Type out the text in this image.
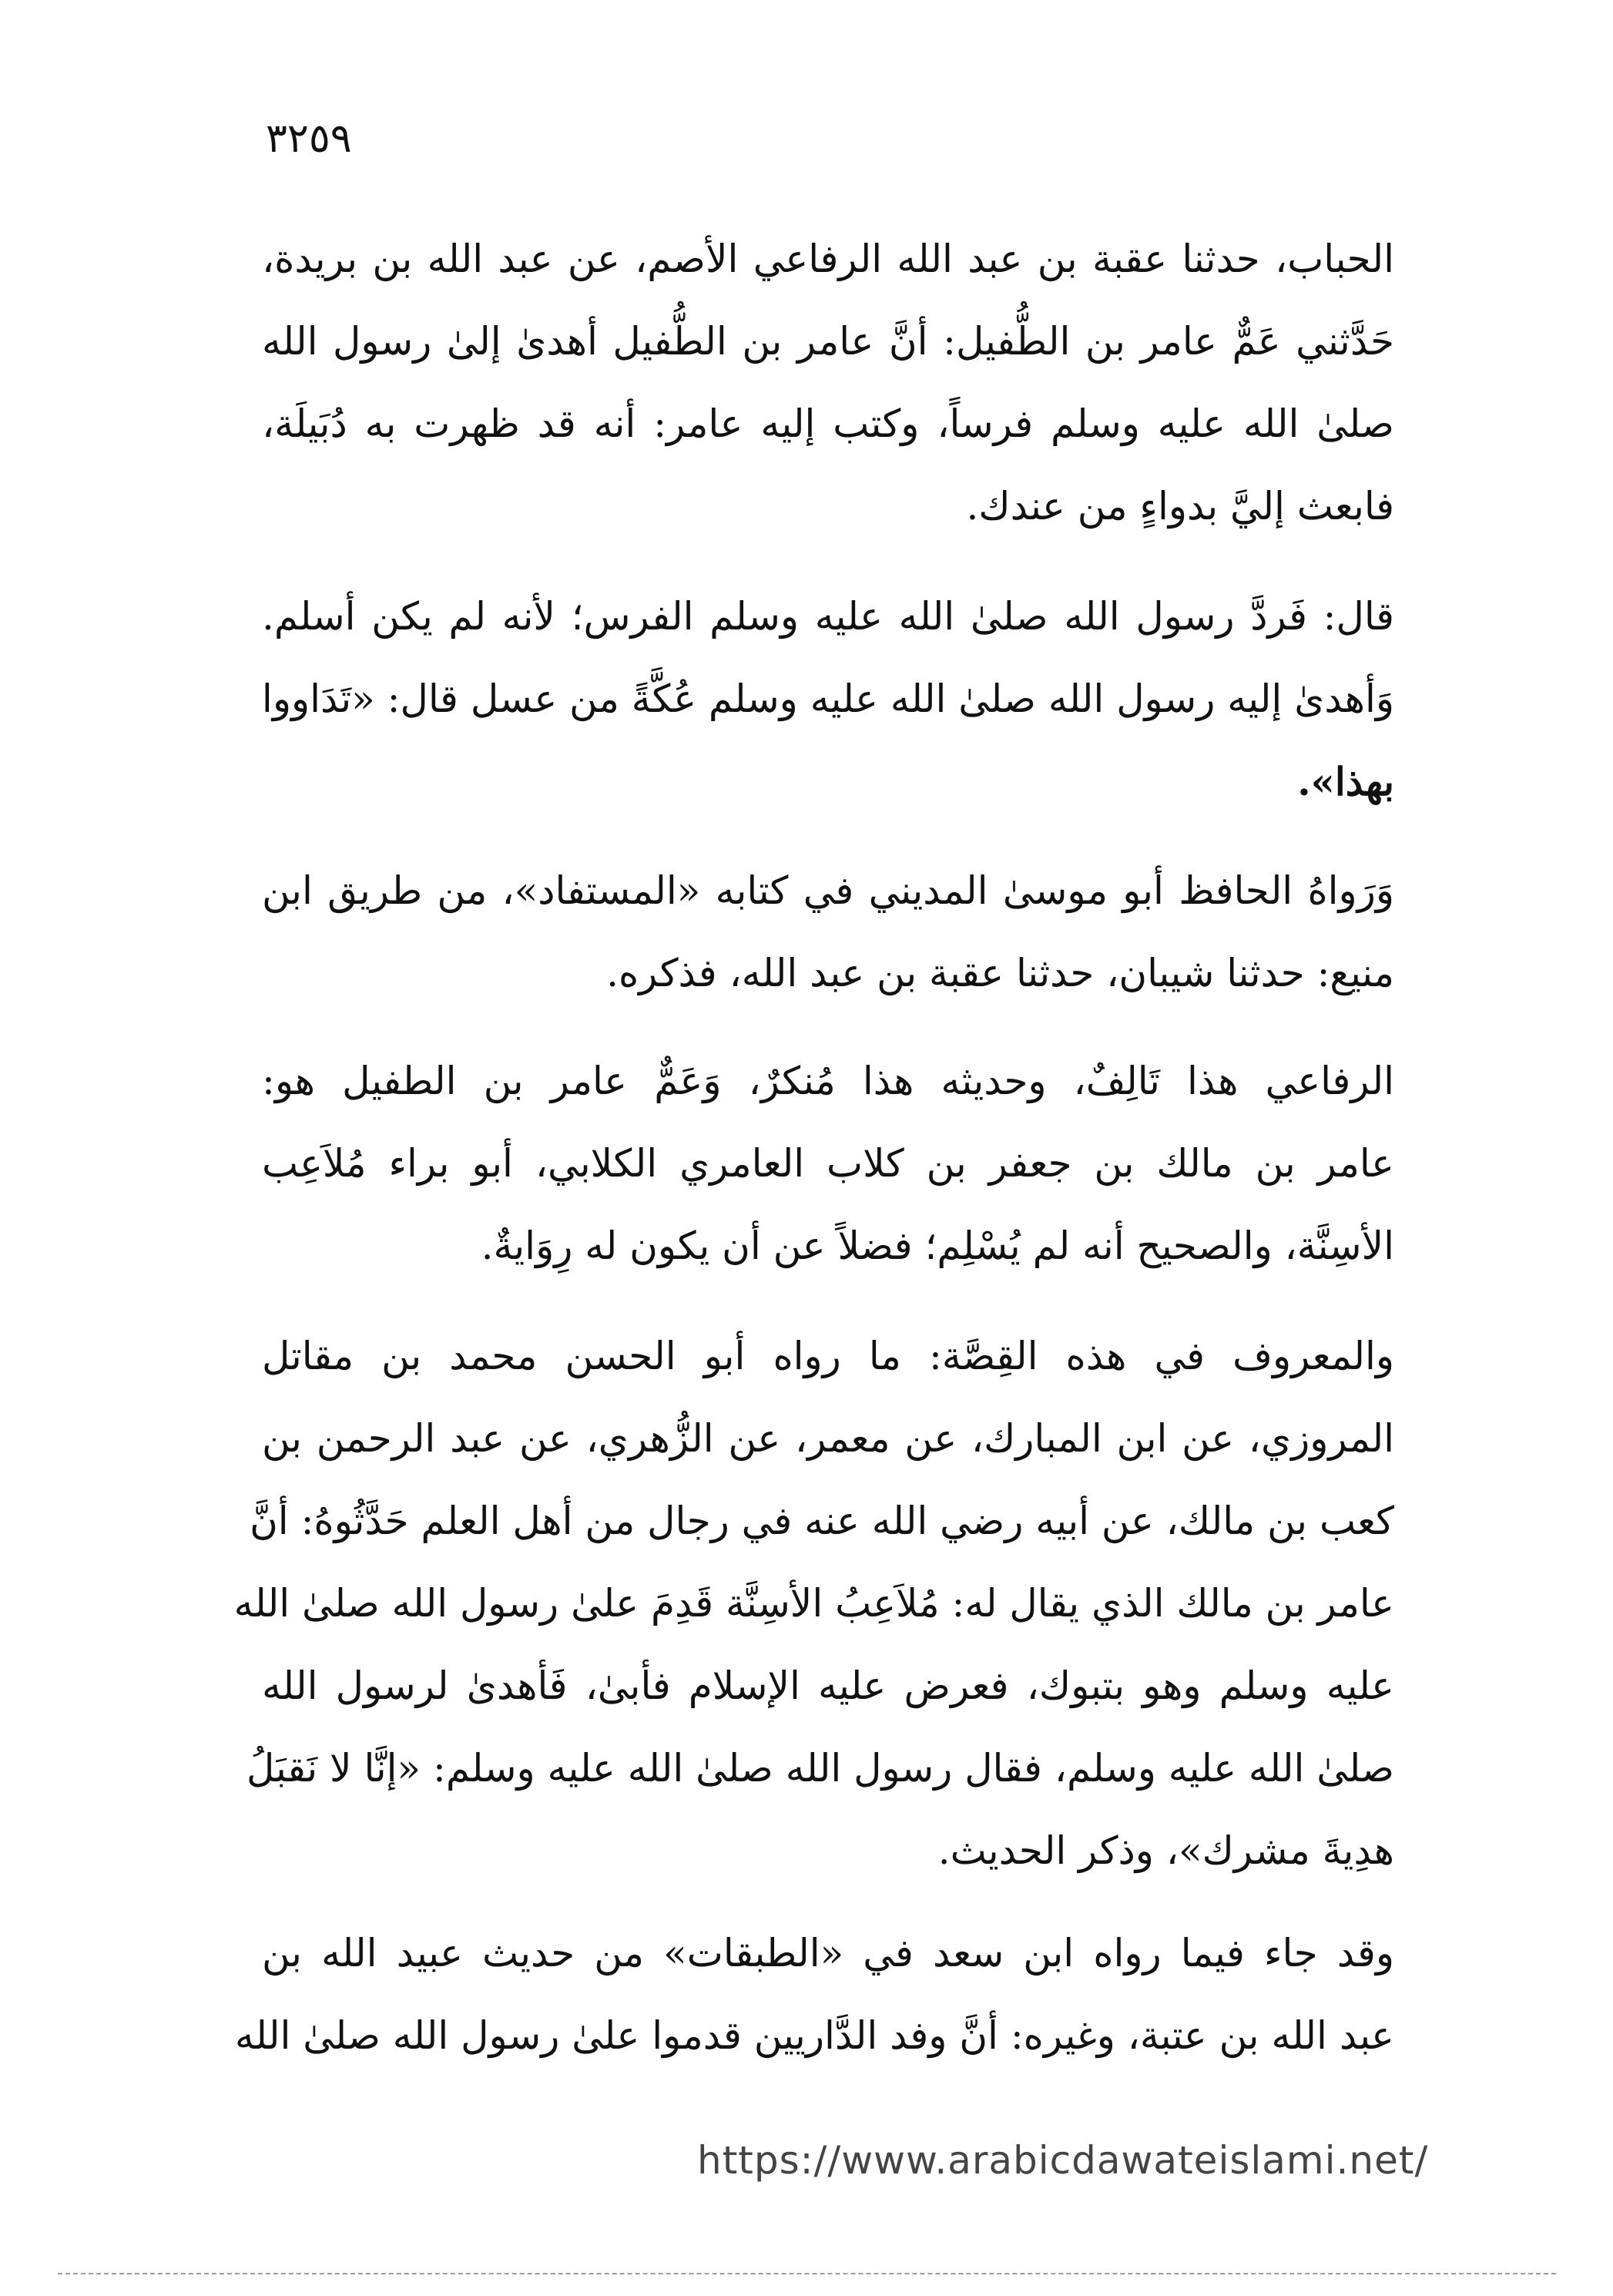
٣٢٥٩
الحباب، حدثنا عقبة بن عبد الله الرفاعي الأصم، عن عبد الله بن بريدة،
حَدَّثني عَمٌّ عامر بن الطُّفيل: أنَّ عامر بن الطُّفيل أهدىٰ إلىٰ رسول الله
صلىٰ الله عليه وسلم فرساً، وكتب إليه عامر: أنه قد ظهرت به دُبَيلَة،
فابعث إليَّ بدواءٍ من عندك.
قال: فَردَّ رسول الله صلىٰ الله عليه وسلم الفرس؛ لأنه لم يكن أسلم.
وَأهدىٰ إليه رسول الله صلىٰ الله عليه وسلم عُكَّةً من عسل قال: «تَدَاووا
بهذا».
وَرَواهُ الحافظ أبو موسىٰ المديني في كتابه «المستفاد»، من طريق ابن
منيع: حدثنا شيبان، حدثنا عقبة بن عبد الله، فذكره.
الرفاعي هذا تَالِفٌ، وحديثه هذا مُنكرٌ، وَعَمٌّ عامر بن الطفيل هو:
عامر بن مالك بن جعفر بن كلاب العامري الكلابي، أبو براء مُلاَعِب
الأسِنَّة، والصحيح أنه لم يُسْلِم؛ فضلاً عن أن يكون له رِوَايةٌ.
والمعروف في هذه القِصَّة: ما رواه أبو الحسن محمد بن مقاتل
المروزي، عن ابن المبارك، عن معمر، عن الزُّهري، عن عبد الرحمن بن
كعب بن مالك، عن أبيه رضي الله عنه في رجال من أهل العلم حَدَّثُوهُ: أنَّ
عامر بن مالك الذي يقال له: مُلاَعِبُ الأسِنَّة قَدِمَ علىٰ رسول الله صلىٰ الله
عليه وسلم وهو بتبوك، فعرض عليه الإسلام فأبىٰ، فَأهدىٰ لرسول الله
صلىٰ الله عليه وسلم، فقال رسول الله صلىٰ الله عليه وسلم: «إنَّا لا نَقبَلُ
هدِيةَ مشرك»، وذكر الحديث.
وقد جاء فيما رواه ابن سعد في «الطبقات» من حديث عبيد الله بن
عبد الله بن عتبة، وغيره: أنَّ وفد الدَّاريين قدموا علىٰ رسول الله صلىٰ الله
https://www.arabicdawateislami.net/
